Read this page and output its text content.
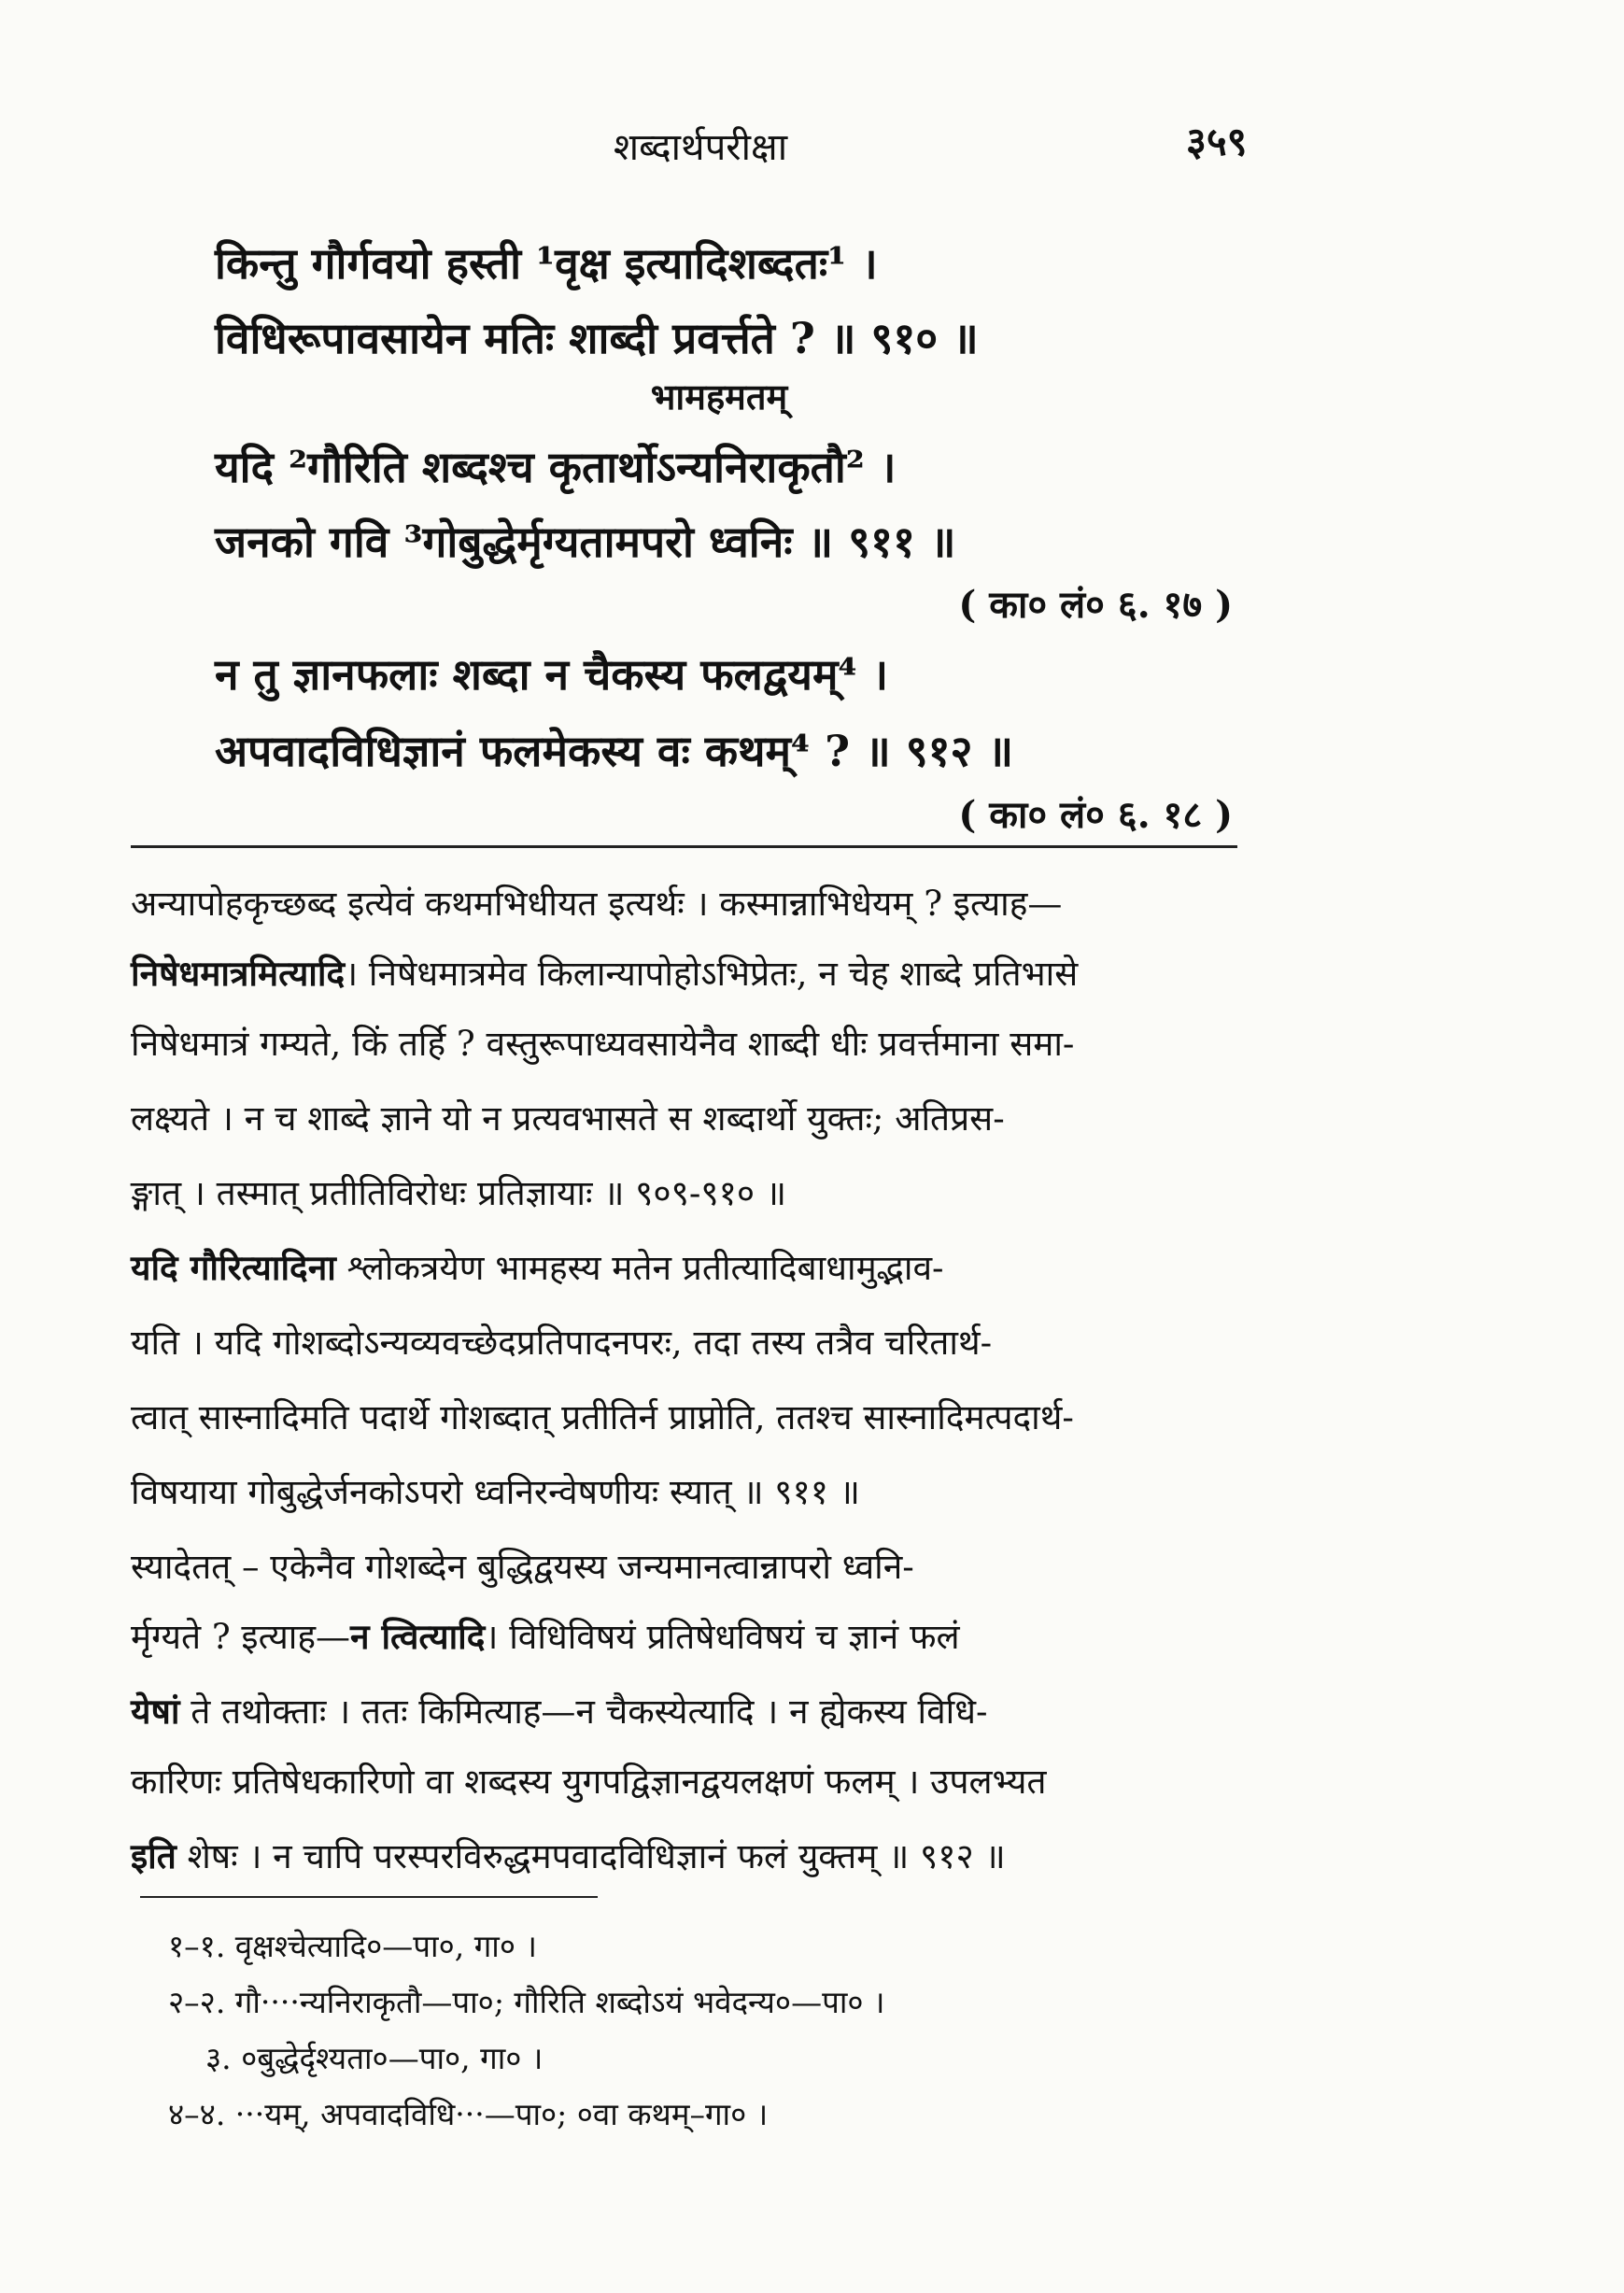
शब्दार्थपरीक्षा	३५९
किन्तु गौर्गवयो हस्ती ¹वृक्ष इत्यादिशब्दतः¹ ।
विधिरूपावसायेन मतिः शाब्दी प्रवर्त्तते ? ॥ ९१० ॥
भामहमतम्
यदि ²गौरिति शब्दश्च कृतार्थोऽन्यनिराकृतौ² ।
जनको गवि ³गोबुद्धेर्मृग्यतामपरो ध्वनिः ॥ ९११ ॥
( का० लं० ६. १७ )
न तु ज्ञानफलाः शब्दा न चैकस्य फलद्वयम्⁴ ।
अपवादविधिज्ञानं फलमेकस्य वः कथम्⁴ ? ॥ ९१२ ॥
( का० लं० ६. १८ )
अन्यापोहकृच्छब्द इत्येवं कथमभिधीयत इत्यर्थः । कस्मान्नाभिधेयम् ? इत्याह—
निषेधमात्रमित्यादि। निषेधमात्रमेव किलान्यापोहोऽभिप्रेतः, न चेह शाब्दे प्रतिभासे
निषेधमात्रं गम्यते, किं तर्हि ? वस्तुरूपाध्यवसायेनैव शाब्दी धीः प्रवर्त्तमाना समा-
लक्ष्यते । न च शाब्दे ज्ञाने यो न प्रत्यवभासते स शब्दार्थो युक्तः; अतिप्रस-
ङ्गात् । तस्मात् प्रतीतिविरोधः प्रतिज्ञायाः ॥ ९०९-९१० ॥
यदि गौरित्यादिना श्लोकत्रयेण भामहस्य मतेन प्रतीत्यादिबाधामुद्भाव-
यति । यदि गोशब्दोऽन्यव्यवच्छेदप्रतिपादनपरः, तदा तस्य तत्रैव चरितार्थ-
त्वात् सास्नादिमति पदार्थे गोशब्दात् प्रतीतिर्न प्राप्नोति, ततश्च सास्नादिमत्पदार्थ-
विषयाया गोबुद्धेर्जनकोऽपरो ध्वनिरन्वेषणीयः स्यात् ॥ ९११ ॥
स्यादेतत् – एकेनैव गोशब्देन बुद्धिद्वयस्य जन्यमानत्वान्नापरो ध्वनि-
र्मृग्यते ? इत्याह—न त्वित्यादि। विधिविषयं प्रतिषेधविषयं च ज्ञानं फलं
येषां ते तथोक्ताः । ततः किमित्याह—न चैकस्येत्यादि । न ह्येकस्य विधि-
कारिणः प्रतिषेधकारिणो वा शब्दस्य युगपद्विज्ञानद्वयलक्षणं फलम् । उपलभ्यत
इति शेषः । न चापि परस्परविरुद्धमपवादविधिज्ञानं फलं युक्तम् ॥ ९१२ ॥
१–१. वृक्षश्चेत्यादि०—पा०, गा० ।
२–२. गौ····न्यनिराकृतौ—पा०; गौरिति शब्दोऽयं भवेदन्य०—पा० ।
३. ०बुद्धेर्दृश्यता०—पा०, गा० ।
४–४. ···यम्, अपवादविधि···—पा०; ०वा कथम्–गा० ।
